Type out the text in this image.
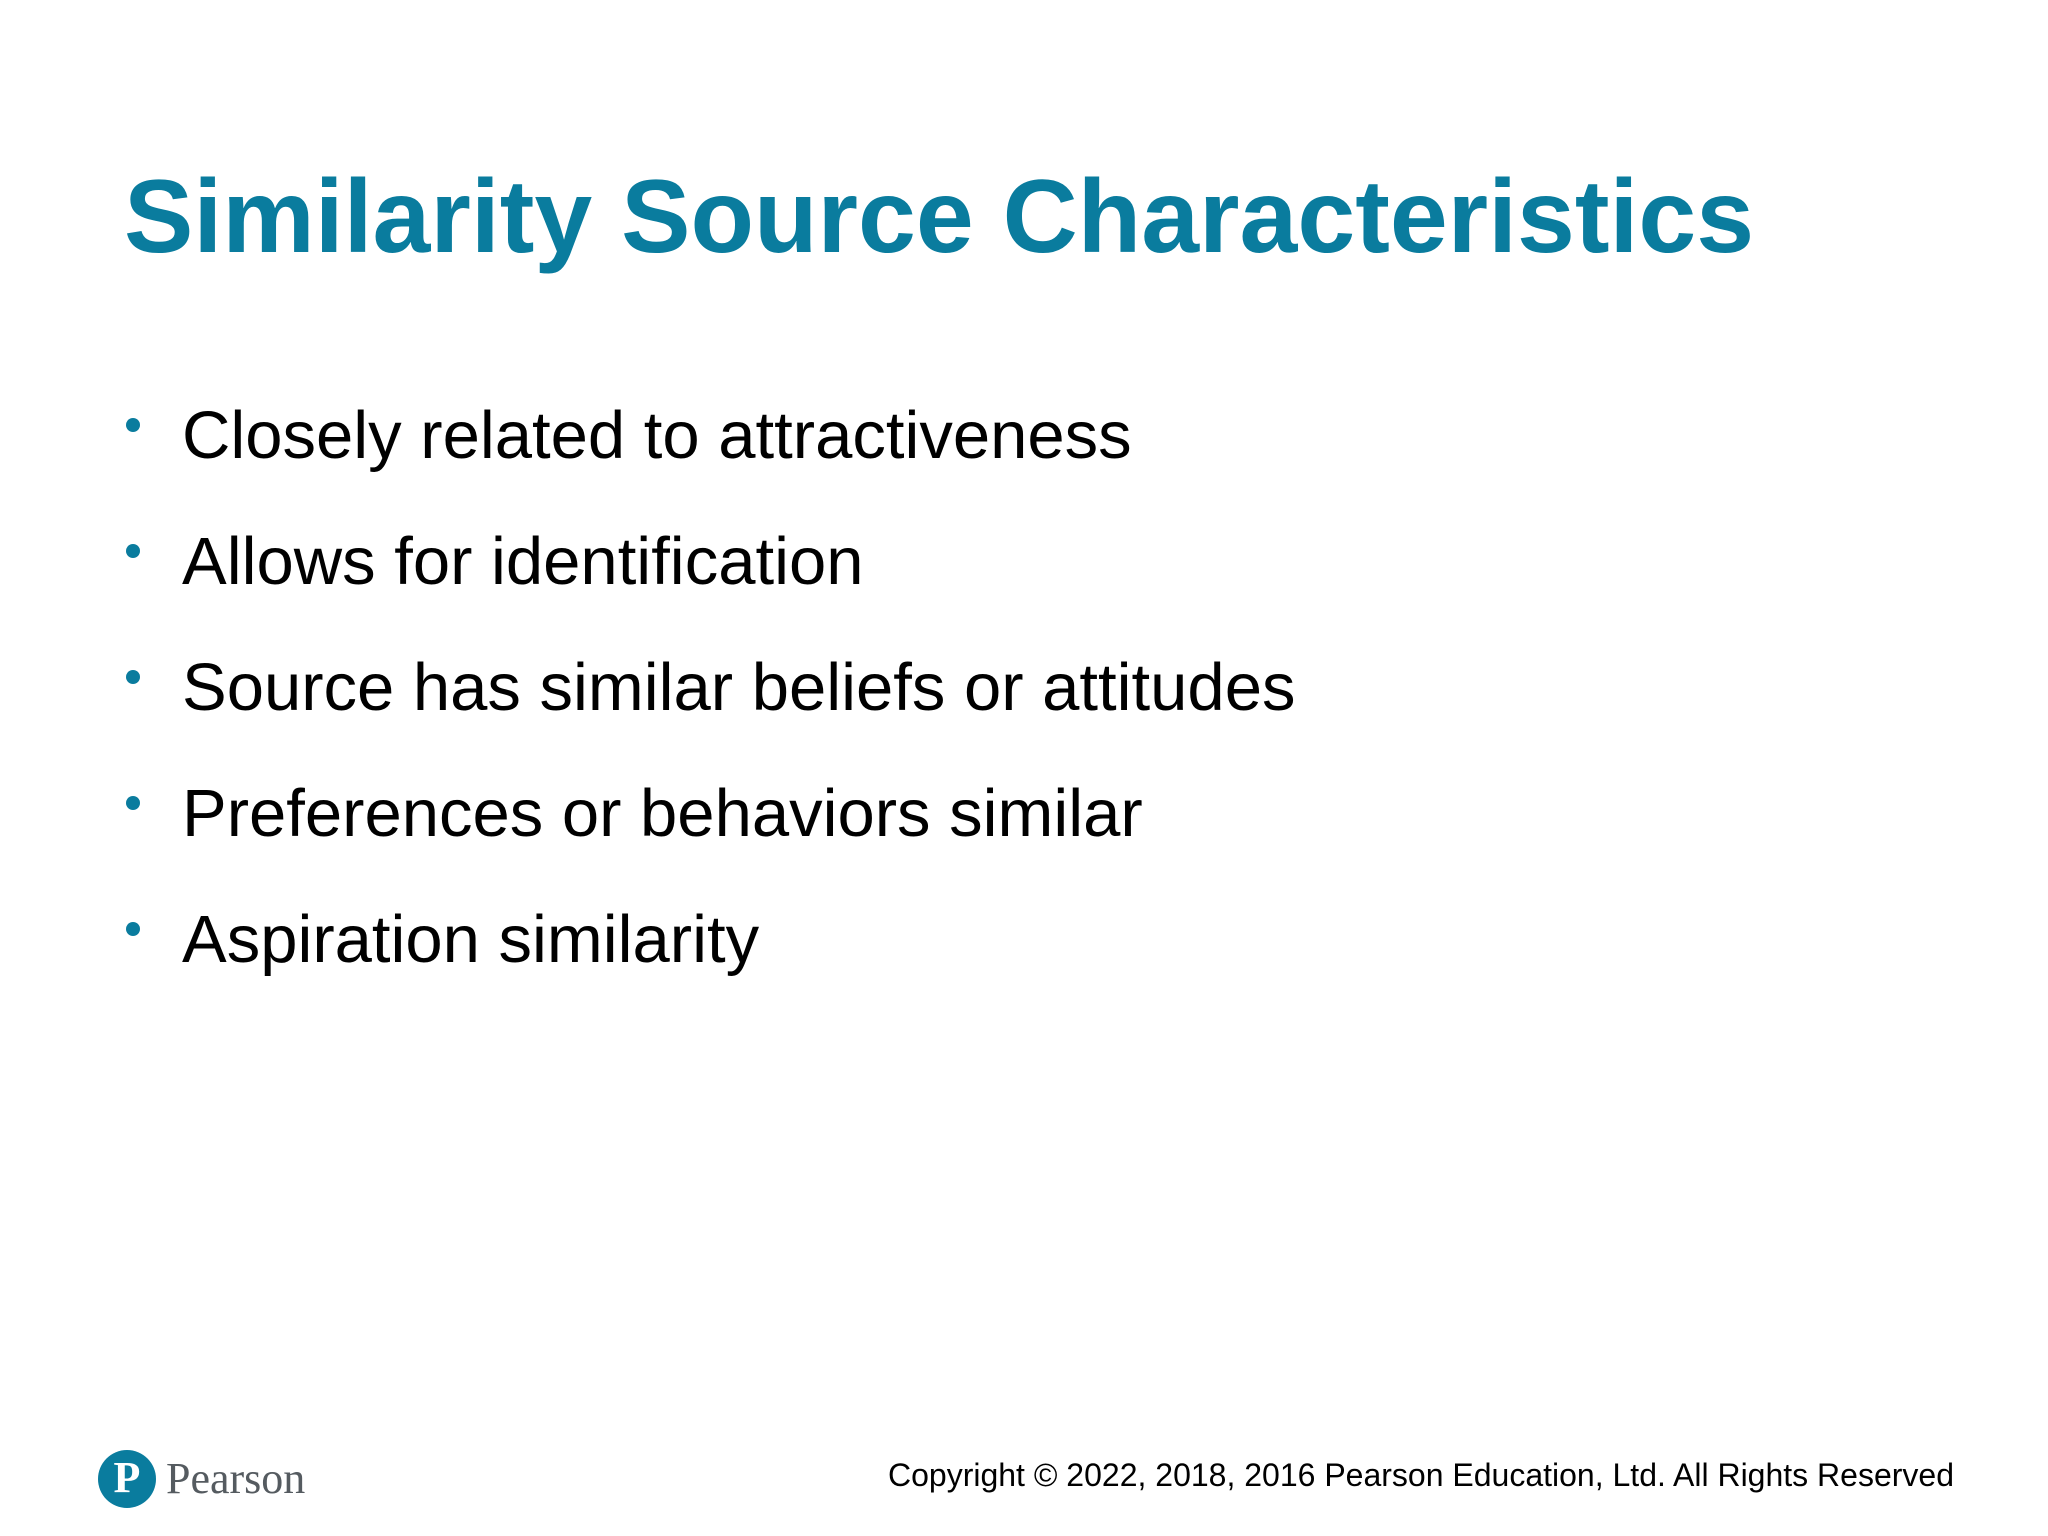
Similarity Source Characteristics
Closely related to attractiveness
Allows for identification
Source has similar beliefs or attitudes
Preferences or behaviors similar
Aspiration similarity
P Pearson	Copyright © 2022, 2018, 2016 Pearson Education, Ltd. All Rights Reserved
